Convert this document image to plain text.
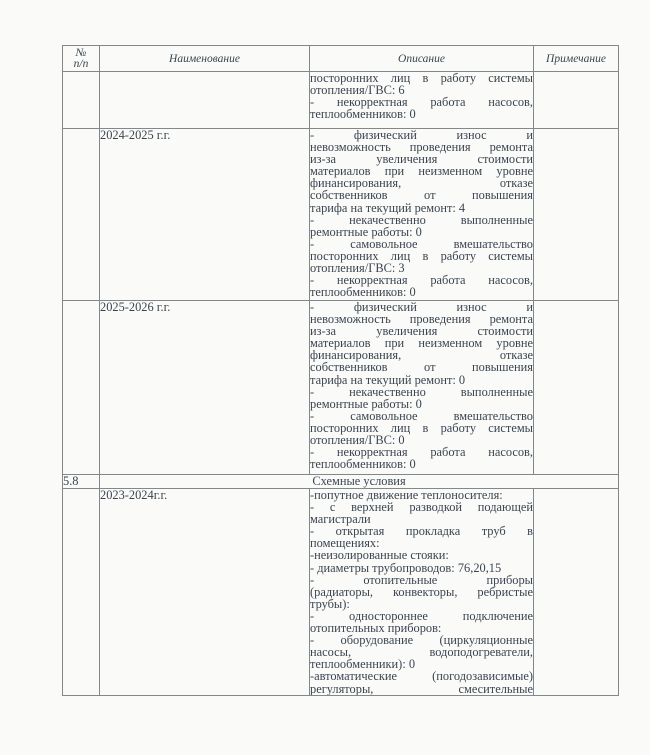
№
п/п	Наименование	Описание	Примечание

		посторонних лиц в работу системы
отопления/ГВС: 6
- некорректная работа насосов,
теплообменников: 0	

	2024-2025 г.г.	- физический износ и
невозможность проведения ремонта
из-за увеличения стоимости
материалов при неизменном уровне
финансирования, отказе
собственников от повышения
тарифа на текущий ремонт: 4
- некачественно выполненные
ремонтные работы: 0
- самовольное вмешательство
посторонних лиц в работу системы
отопления/ГВС: 3
- некорректная работа насосов,
теплообменников: 0

	2025-2026 г.г.	- физический износ и
невозможность проведения ремонта
из-за увеличения стоимости
материалов при неизменном уровне
финансирования, отказе
собственников от повышения
тарифа на текущий ремонт: 0
- некачественно выполненные
ремонтные работы: 0
- самовольное вмешательство
посторонних лиц в работу системы
отопления/ГВС: 0
- некорректная работа насосов,
теплообменников: 0

5.8	Схемные условия		
	2023-2024г.г.	-попутное движение теплоносителя:
- с верхней разводкой подающей
магистрали
- открытая прокладка труб в
помещениях:
-неизолированные стояки:
- диаметры трубопроводов: 76,20,15
- отопительные приборы
(радиаторы, конвекторы, ребристые
трубы):
- одностороннее подключение
отопительных приборов:
- оборудование (циркуляционные
насосы, водоподогреватели,
теплообменники): 0
-автоматические (погодозависимые)
регуляторы, смесительные
